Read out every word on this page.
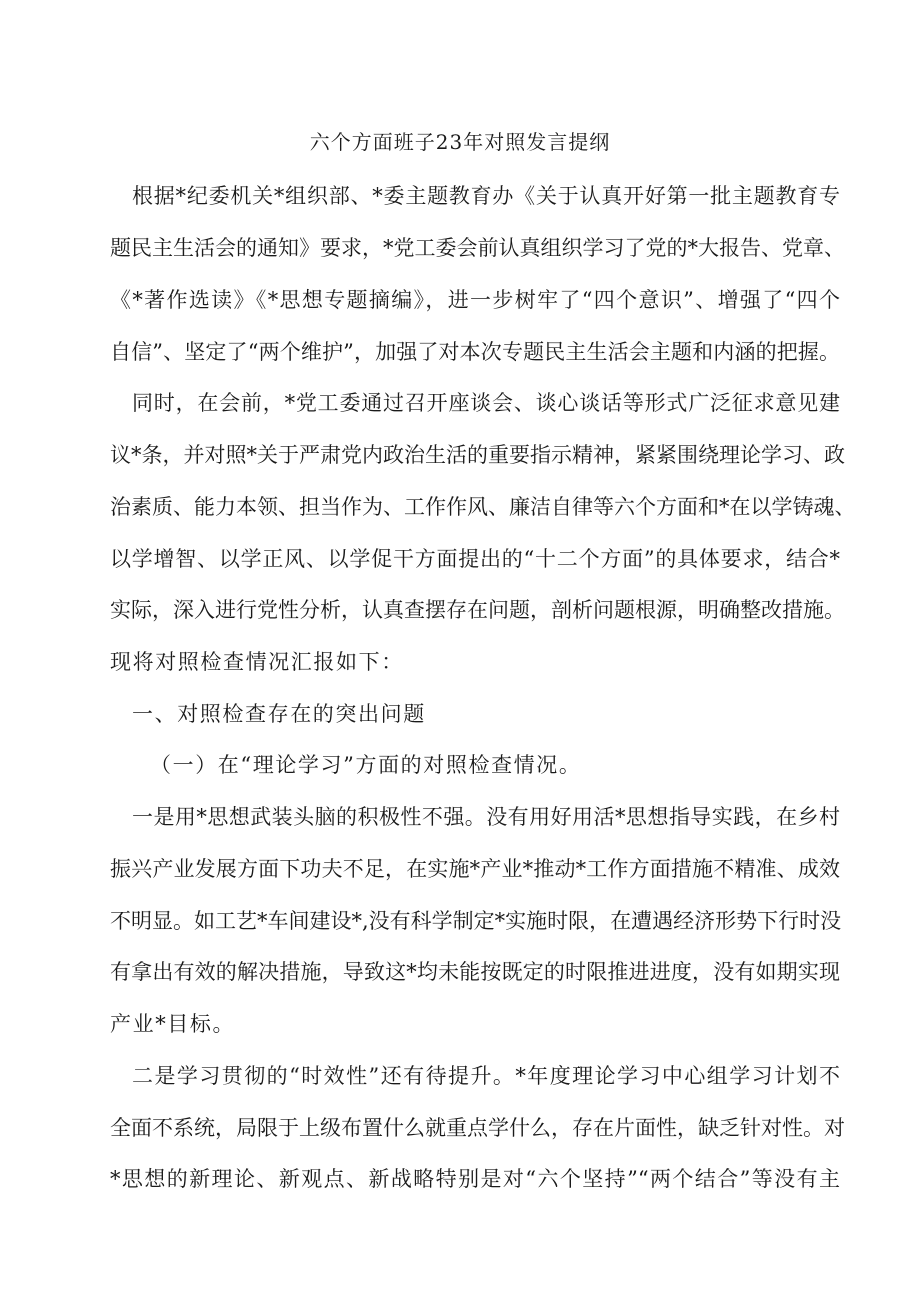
六个方面班子23年对照发言提纲
根据*纪委机关*组织部、*委主题教育办《关于认真开好第一批主题教育专
题民主生活会的通知》要求，*党工委会前认真组织学习了党的*大报告、党章、
《*著作选读》《*思想专题摘编》，进一步树牢了“四个意识”、增强了“四个
自信”、坚定了“两个维护”，加强了对本次专题民主生活会主题和内涵的把握。
同时，在会前，*党工委通过召开座谈会、谈心谈话等形式广泛征求意见建
议*条，并对照*关于严肃党内政治生活的重要指示精神，紧紧围绕理论学习、政
治素质、能力本领、担当作为、工作作风、廉洁自律等六个方面和*在以学铸魂、
以学增智、以学正风、以学促干方面提出的“十二个方面”的具体要求，结合*
实际，深入进行党性分析，认真查摆存在问题，剖析问题根源，明确整改措施。
现将对照检查情况汇报如下：
一、对照检查存在的突出问题
（一）在“理论学习”方面的对照检查情况。
一是用*思想武装头脑的积极性不强。没有用好用活*思想指导实践，在乡村
振兴产业发展方面下功夫不足，在实施*产业*推动*工作方面措施不精准、成效
不明显。如工艺*车间建设*,没有科学制定*实施时限，在遭遇经济形势下行时没
有拿出有效的解决措施，导致这*均未能按既定的时限推进进度，没有如期实现
产业*目标。
二是学习贯彻的“时效性”还有待提升。*年度理论学习中心组学习计划不
全面不系统，局限于上级布置什么就重点学什么，存在片面性，缺乏针对性。对
*思想的新理论、新观点、新战略特别是对“六个坚持”“两个结合”等没有主
